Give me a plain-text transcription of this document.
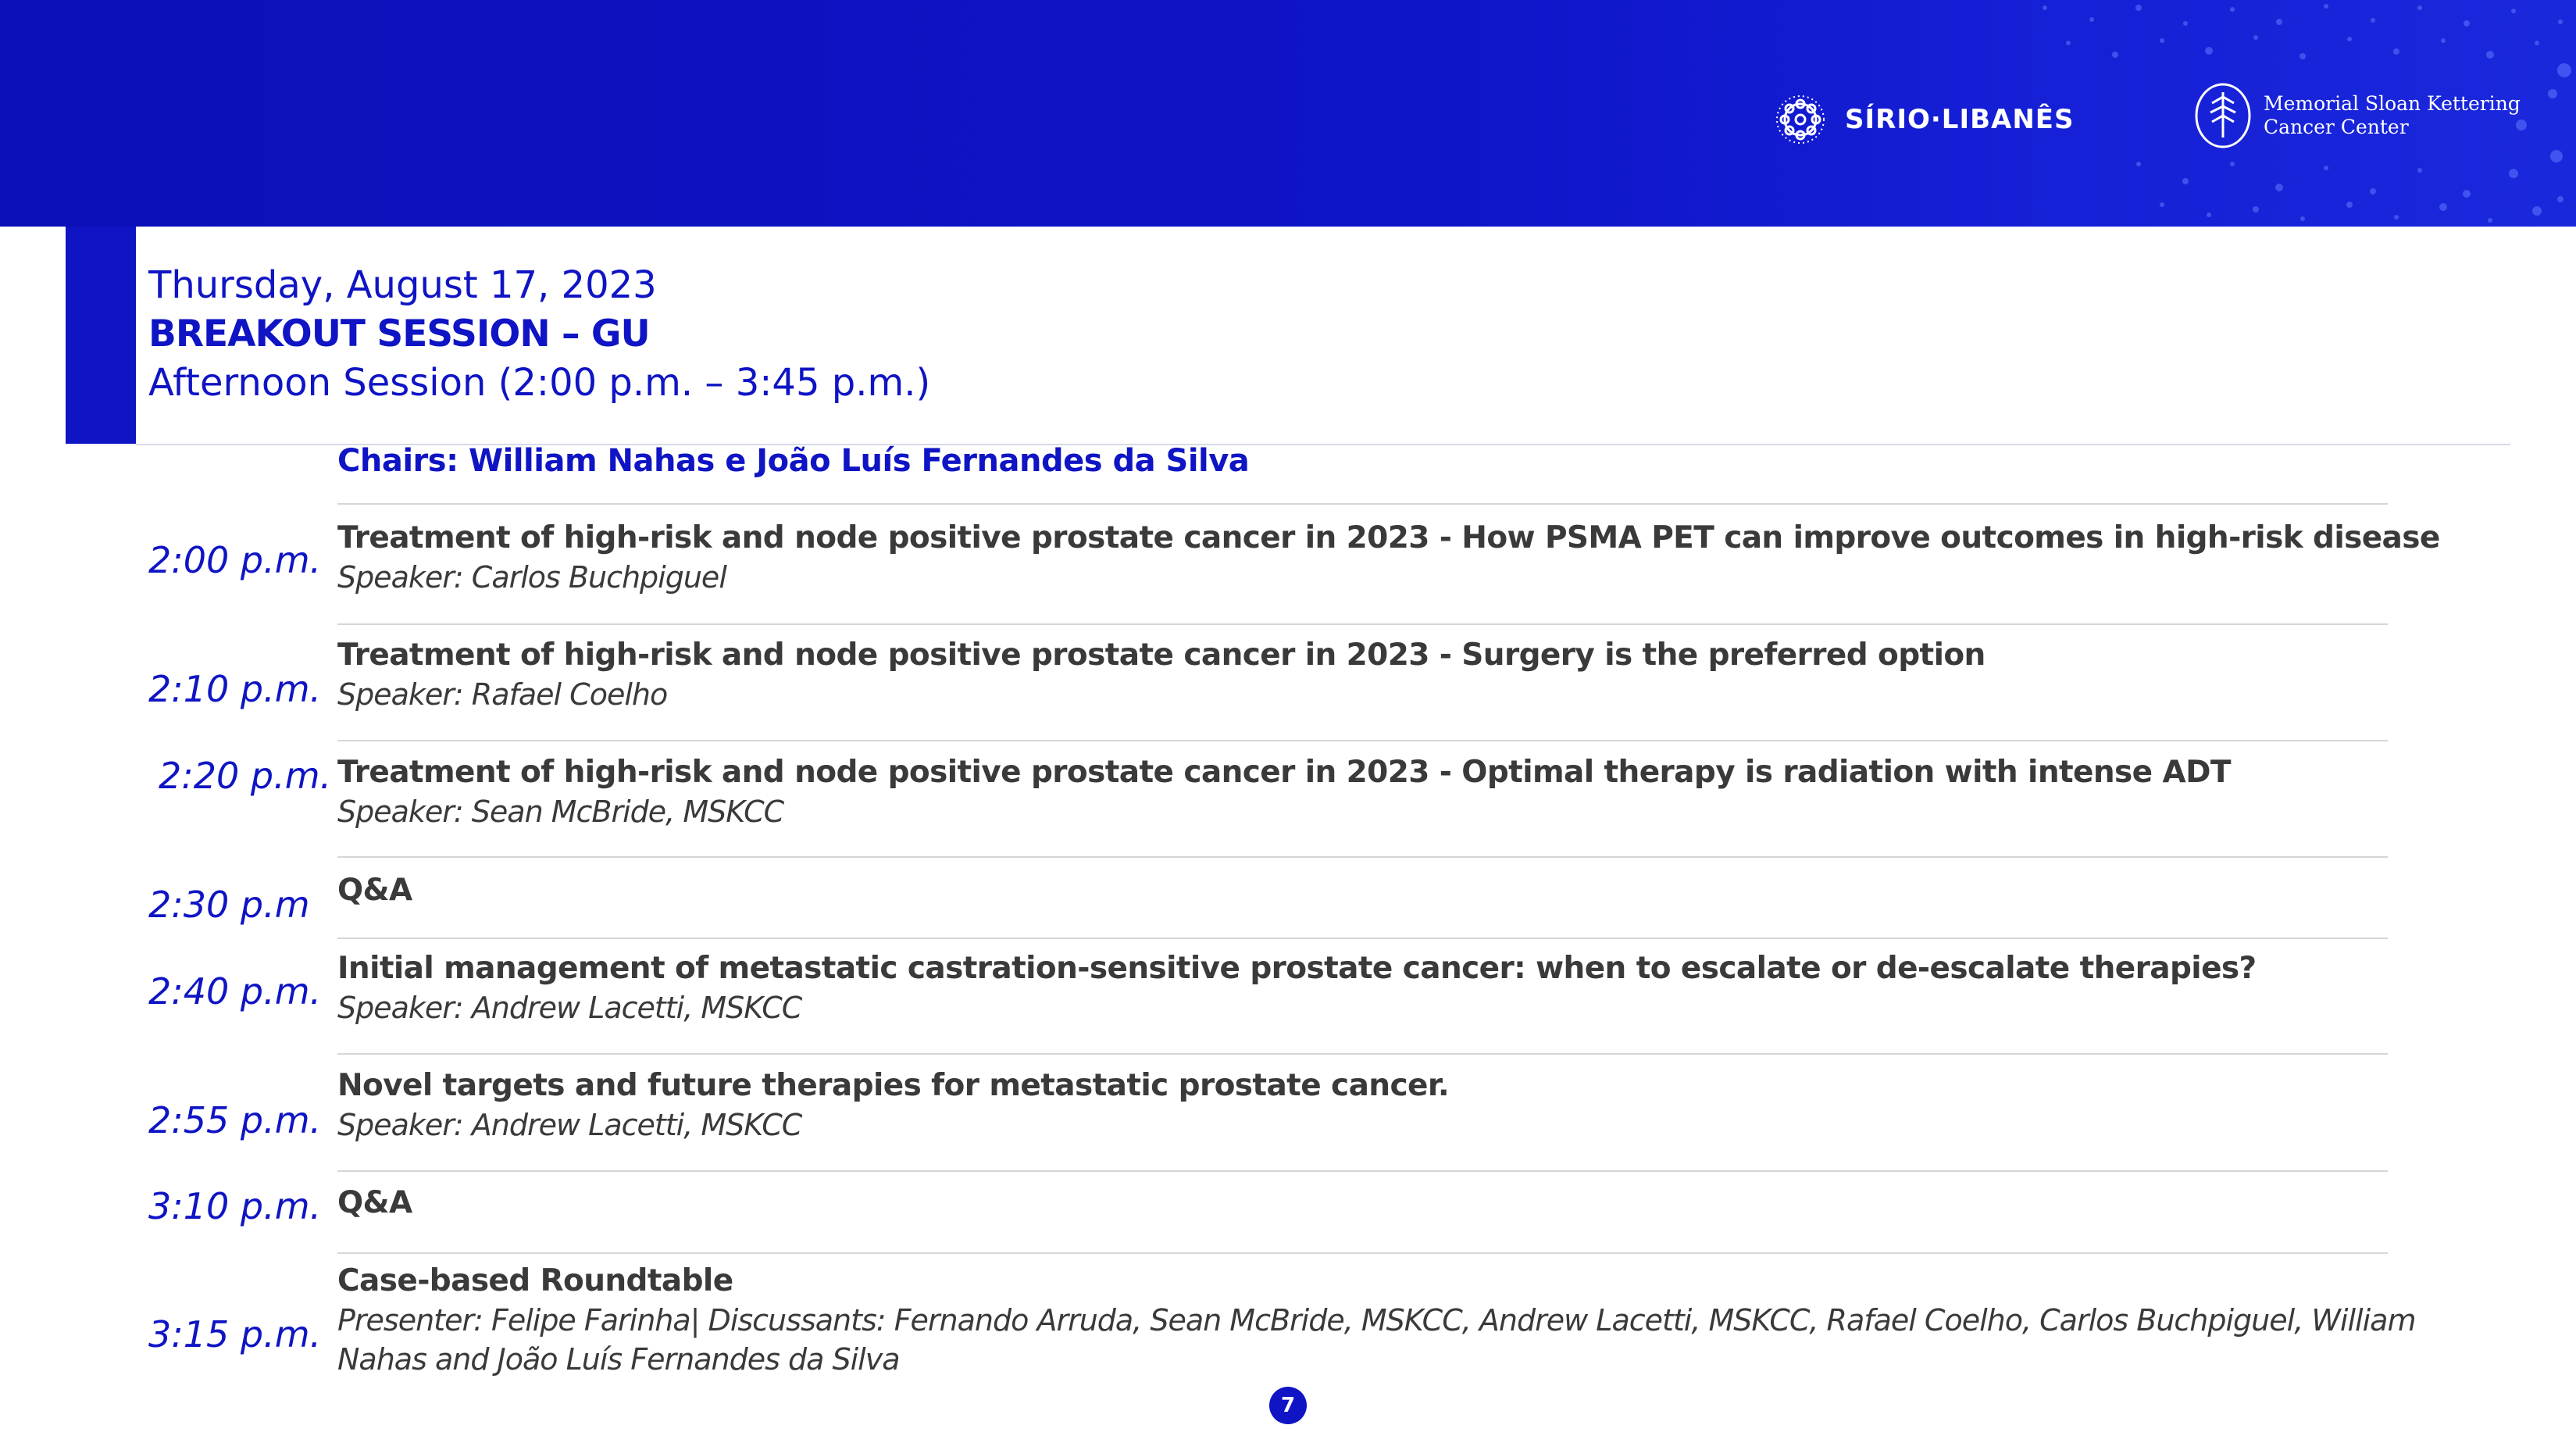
SÍRIO·LIBANÊS
Memorial Sloan Kettering
Cancer Center
Thursday, August 17, 2023
BREAKOUT SESSION – GU
Afternoon Session (2:00 p.m. – 3:45 p.m.)
Chairs: William Nahas e João Luís Fernandes da Silva
2:00 p.m.
Treatment of high-risk and node positive prostate cancer in 2023 - How PSMA PET can improve outcomes in high-risk disease
Speaker: Carlos Buchpiguel
2:10 p.m.
Treatment of high-risk and node positive prostate cancer in 2023 - Surgery is the preferred option
Speaker: Rafael Coelho
2:20 p.m. Treatment of high-risk and node positive prostate cancer in 2023 - Optimal therapy is radiation with intense ADT
Speaker: Sean McBride, MSKCC
2:30 p.m Q&A
2:40 p.m.
Initial management of metastatic castration-sensitive prostate cancer: when to escalate or de-escalate therapies?
Speaker: Andrew Lacetti, MSKCC
2:55 p.m.
Novel targets and future therapies for metastatic prostate cancer.
Speaker: Andrew Lacetti, MSKCC
3:10 p.m. Q&A
3:15 p.m.
Case-based Roundtable
Presenter: Felipe Farinha| Discussants: Fernando Arruda, Sean McBride, MSKCC, Andrew Lacetti, MSKCC, Rafael Coelho, Carlos Buchpiguel, William Nahas and João Luís Fernandes da Silva
7
